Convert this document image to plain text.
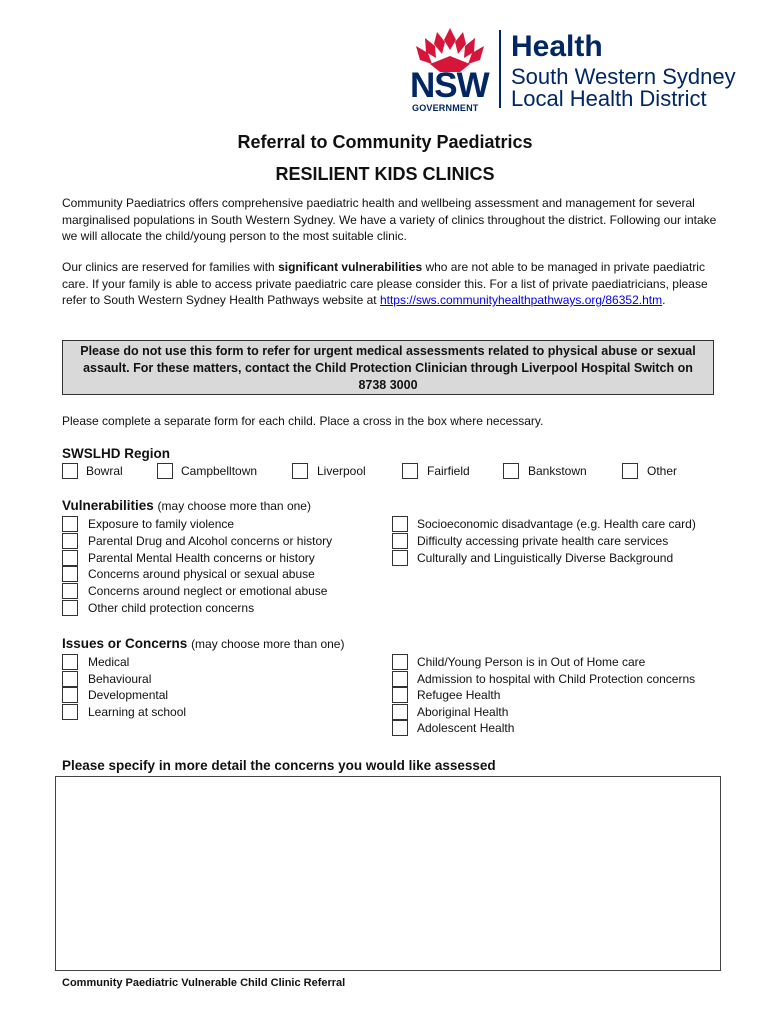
NSW
GOVERNMENT
Health
South Western Sydney
Local Health District
Referral to Community Paediatrics
RESILIENT KIDS CLINICS
Community Paediatrics offers comprehensive paediatric health and wellbeing assessment and management for several marginalised populations in South Western Sydney. We have a variety of clinics throughout the district. Following our intake we will allocate the child/young person to the most suitable clinic.
Our clinics are reserved for families with significant vulnerabilities who are not able to be managed in private paediatric care. If your family is able to access private paediatric care please consider this. For a list of private paediatricians, please refer to South Western Sydney Health Pathways website at https://sws.communityhealthpathways.org/86352.htm.
Please do not use this form to refer for urgent medical assessments related to physical abuse or sexual assault. For these matters, contact the Child Protection Clinician through Liverpool Hospital Switch on 8738 3000
Please complete a separate form for each child. Place a cross in the box where necessary.
SWSLHD Region
Bowral	Campbelltown	Liverpool	Fairfield	Bankstown	Other
Vulnerabilities (may choose more than one)
Exposure to family violence
Parental Drug and Alcohol concerns or history
Parental Mental Health concerns or history
Concerns around physical or sexual abuse
Concerns around neglect or emotional abuse
Other child protection concerns
Socioeconomic disadvantage (e.g. Health care card)
Difficulty accessing private health care services
Culturally and Linguistically Diverse Background
Issues or Concerns (may choose more than one)
Medical
Behavioural
Developmental
Learning at school
Child/Young Person is in Out of Home care
Admission to hospital with Child Protection concerns
Refugee Health
Aboriginal Health
Adolescent Health
Please specify in more detail the concerns you would like assessed
Community Paediatric Vulnerable Child Clinic Referral
